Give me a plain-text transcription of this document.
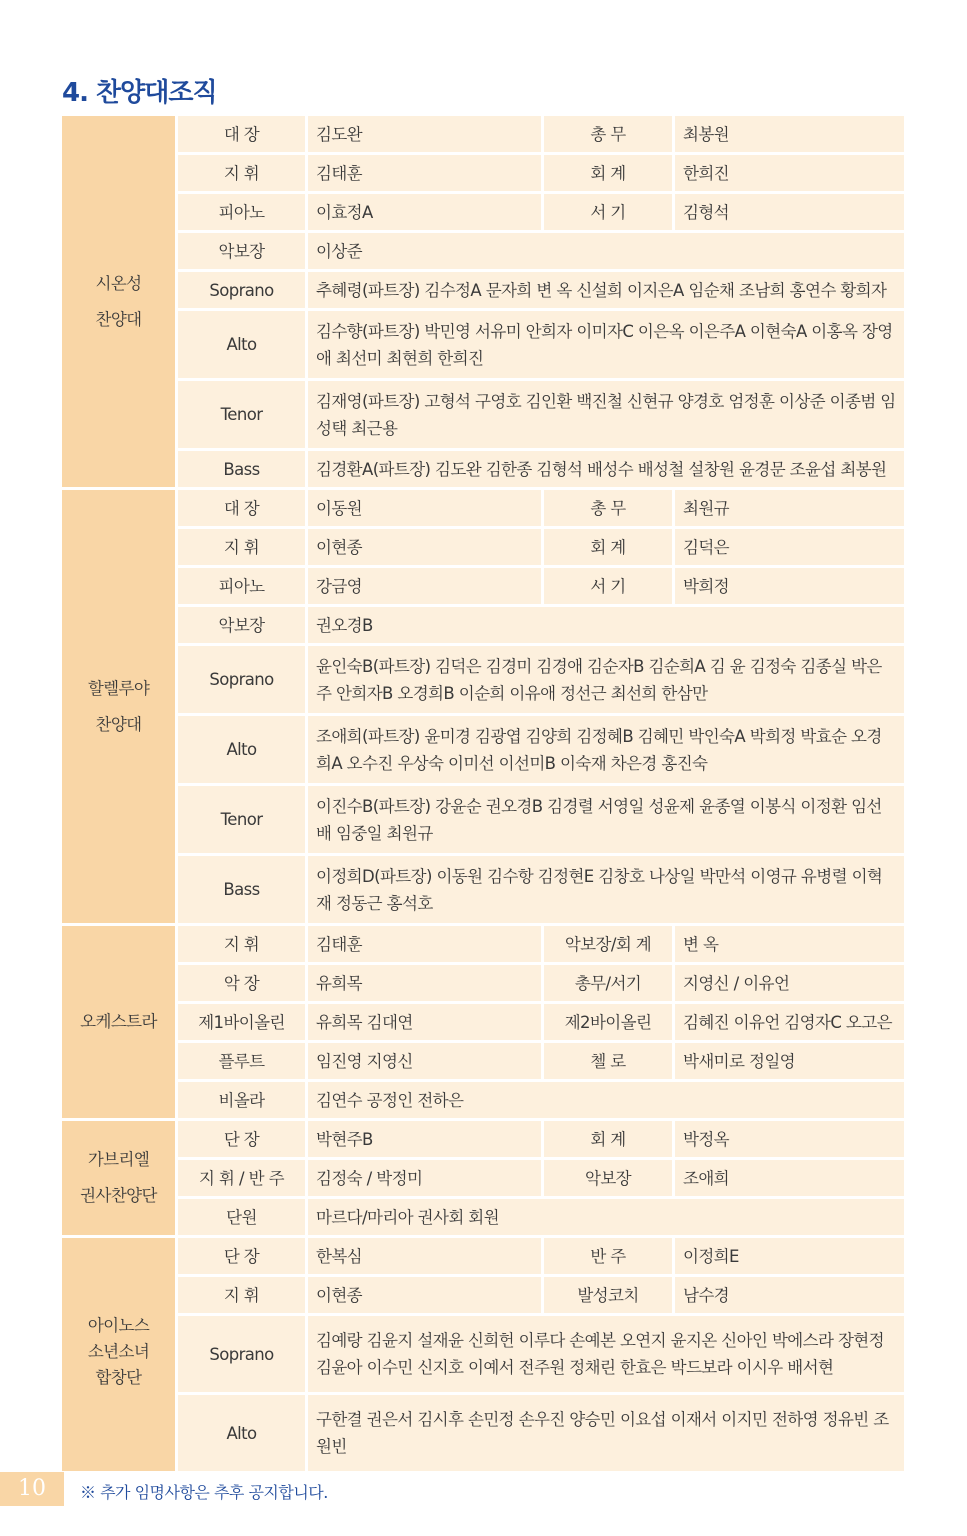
4. 찬양대조직
시온성
찬양대	대 장	김도완	총 무	최봉원
	지 휘	김태훈	회 계	한희진
	피아노	이효정A	서 기	김형석
	악보장	이상준		
	Soprano	추혜령(파트장) 김수정A 문자희 변 옥 신설희 이지은A 임순채 조남희 홍연수 황희자		
	Alto	김수향(파트장) 박민영 서유미 안희자 이미자C 이은옥 이은주A 이현숙A 이홍옥 장영애 최선미 최현희 한희진		
	Tenor	김재영(파트장) 고형석 구영호 김인환 백진철 신현규 양경호 엄정훈 이상준 이종범 임성택 최근용		
	Bass	김경환A(파트장) 김도완 김한종 김형석 배성수 배성철 설창원 윤경문 조윤섭 최봉원		
할렐루야
찬양대	대 장	이동원	총 무	최원규
	지 휘	이현종	회 계	김덕은
	피아노	강금영	서 기	박희정
	악보장	권오경B		
	Soprano	윤인숙B(파트장) 김덕은 김경미 김경애 김순자B 김순희A 김 윤 김정숙 김종실 박은주 안희자B 오경희B 이순희 이유애 정선근 최선희 한삼만		
	Alto	조애희(파트장) 윤미경 김광엽 김양희 김정혜B 김혜민 박인숙A 박희정 박효순 오경희A 오수진 우상숙 이미선 이선미B 이숙재 차은경 홍진숙		
	Tenor	이진수B(파트장) 강윤순 권오경B 김경렬 서영일 성윤제 윤종열 이봉식 이정환 임선배 임중일 최원규		
	Bass	이정희D(파트장) 이동원 김수항 김정현E 김창호 나상일 박만석 이영규 유병렬 이혁재 정동근 홍석호		
오케스트라	지 휘	김태훈	악보장/회 계	변 옥
	악 장	유희목	총무/서기	지영신 / 이유언
	제1바이올린	유희목 김대연	제2바이올린	김혜진 이유언 김영자C 오고은
	플루트	임진영 지영신	첼 로	박새미로 정일영
	비올라	김연수 공정인 전하은		
가브리엘
권사찬양단	단 장	박현주B	회 계	박정옥
	지 휘 / 반 주	김정숙 / 박정미	악보장	조애희
	단원	마르다/마리아 권사회 회원		
아이노스
소년소녀
합창단	단 장	한복심	반 주	이정희E
	지 휘	이현종	발성코치	남수경
	Soprano	김예랑 김윤지 설재윤 신희헌 이루다 손예본 오연지 윤지온 신아인 박에스라 장현정 김윤아 이수민 신지호 이예서 전주원 정채린 한효은 박드보라 이시우 배서현		
	Alto	구한결 권은서 김시후 손민정 손우진 양승민 이요섭 이재서 이지민 전하영 정유빈 조원빈		
10	※ 추가 임명사항은 추후 공지합니다.
